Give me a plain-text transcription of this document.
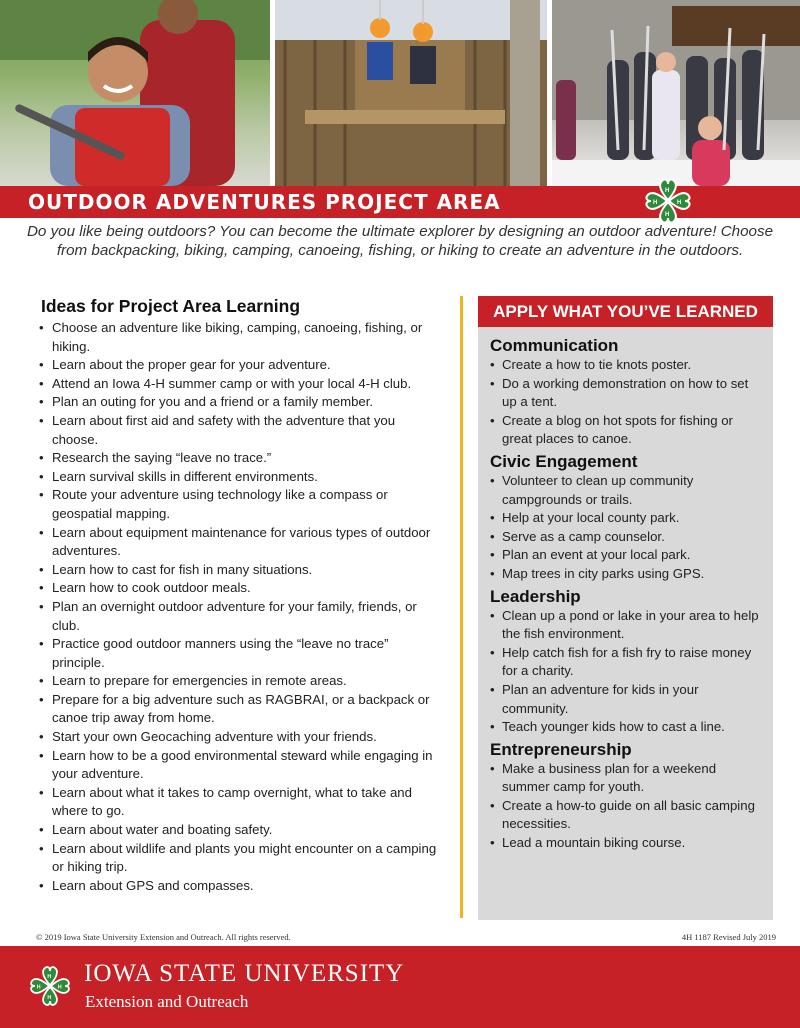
OUTDOOR ADVENTURES PROJECT AREA	H
H
H	H

Do you like being outdoors? You can become the ultimate explorer by designing an outdoor adventure! Choose from backpacking, biking, camping, canoeing, fishing, or hiking to create an adventure in the outdoors.

Ideas for Project Area Learning
• Choose an adventure like biking, camping, canoeing, fishing, or hiking.
• Learn about the proper gear for your adventure.
• Attend an Iowa 4-H summer camp or with your local 4-H club.
• Plan an outing for you and a friend or a family member.
• Learn about first aid and safety with the adventure that you choose.
• Research the saying “leave no trace.”
• Learn survival skills in different environments.
• Route your adventure using technology like a compass or geospatial mapping.
• Learn about equipment maintenance for various types of outdoor adventures.
• Learn how to cast for fish in many situations.
• Learn how to cook outdoor meals.
• Plan an overnight outdoor adventure for your family, friends, or club.
• Practice good outdoor manners using the “leave no trace” principle.
• Learn to prepare for emergencies in remote areas.
• Prepare for a big adventure such as RAGBRAI, or a backpack or canoe trip away from home.
• Start your own Geocaching adventure with your friends.
• Learn how to be a good environmental steward while engaging in your adventure.
• Learn about what it takes to camp overnight, what to take and where to go.
• Learn about water and boating safety.
• Learn about wildlife and plants you might encounter on a camping or hiking trip.
• Learn about GPS and compasses.
APPLY WHAT YOU’VE LEARNED
Communication
• Create a how to tie knots poster.
• Do a working demonstration on how to set up a tent.
• Create a blog on hot spots for fishing or great places to canoe.
Civic Engagement
• Volunteer to clean up community campgrounds or trails.
• Help at your local county park.
• Serve as a camp counselor.
• Plan an event at your local park.
• Map trees in city parks using GPS.
Leadership
• Clean up a pond or lake in your area to help the fish environment.
• Help catch fish for a fish fry to raise money for a charity.
• Plan an adventure for kids in your community.
• Teach younger kids how to cast a line.
Entrepreneurship
• Make a business plan for a weekend summer camp for youth.
• Create a how-to guide on all basic camping necessities.
• Lead a mountain biking course.
© 2019 Iowa State University Extension and Outreach. All rights reserved.	4H 1187 Revised July 2019
H
H
H	H
IOWA STATE UNIVERSITY
Extension and Outreach
